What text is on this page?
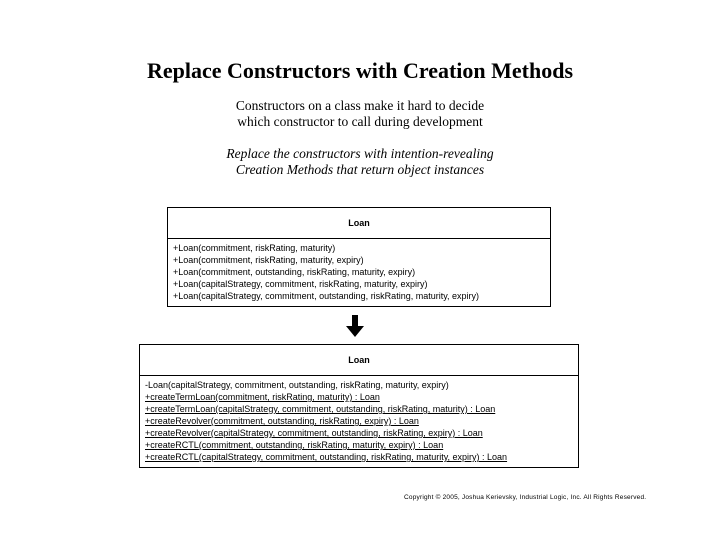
Replace Constructors with Creation Methods
Constructors on a class make it hard to decide
which constructor to call during development
Replace the constructors with intention-revealing
Creation Methods that return object instances
Loan
+Loan(commitment, riskRating, maturity)
+Loan(commitment, riskRating, maturity, expiry)
+Loan(commitment, outstanding, riskRating, maturity, expiry)
+Loan(capitalStrategy, commitment, riskRating, maturity, expiry)
+Loan(capitalStrategy, commitment, outstanding, riskRating, maturity, expiry)
Loan
-Loan(capitalStrategy, commitment, outstanding, riskRating, maturity, expiry)
+createTermLoan(commitment, riskRating, maturity) : Loan
+createTermLoan(capitalStrategy, commitment, outstanding, riskRating, maturity) : Loan
+createRevolver(commitment, outstanding, riskRating, expiry) : Loan
+createRevolver(capitalStrategy, commitment, outstanding, riskRating, expiry) : Loan
+createRCTL(commitment, outstanding, riskRating, maturity, expiry) : Loan
+createRCTL(capitalStrategy, commitment, outstanding, riskRating, maturity, expiry) : Loan
Copyright © 2005, Joshua Kerievsky, Industrial Logic, Inc. All Rights Reserved.
